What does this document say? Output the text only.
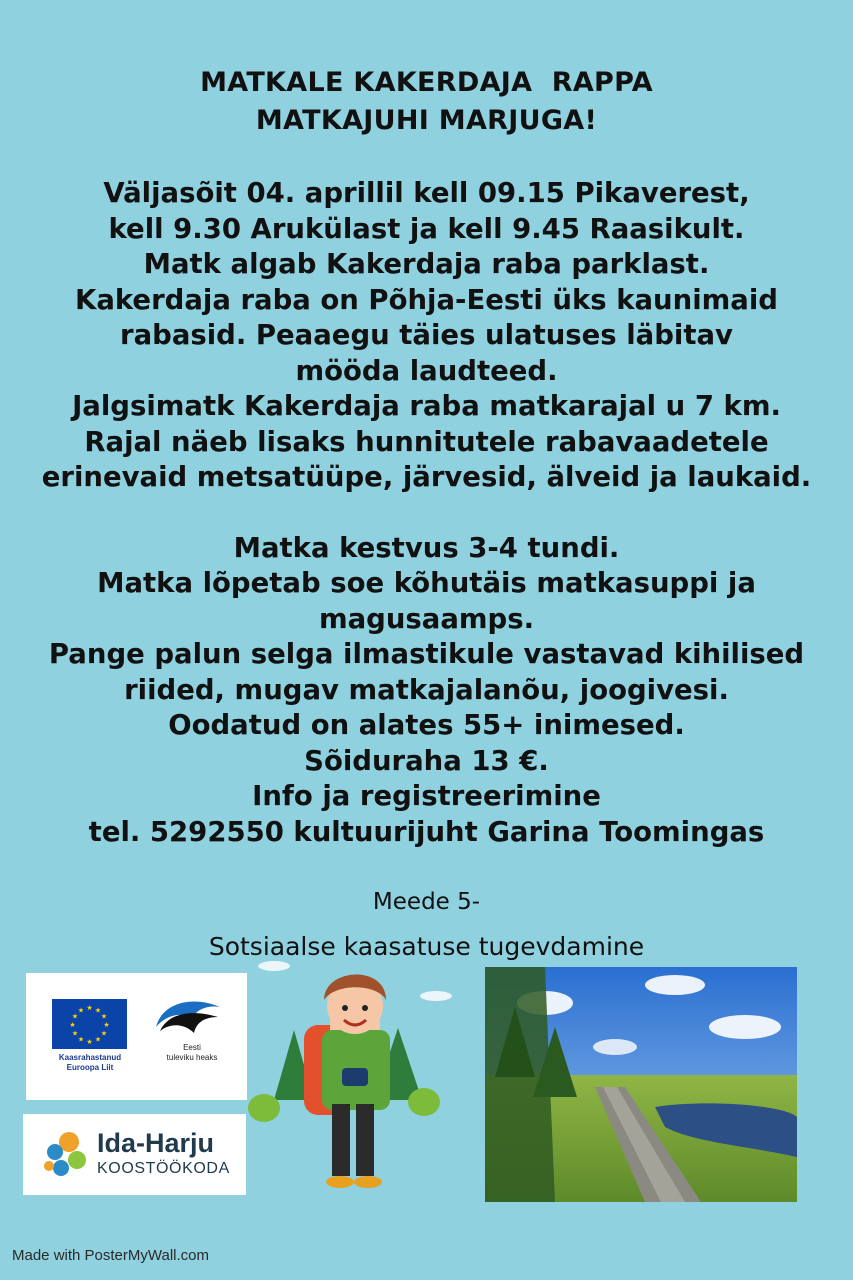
MATKALE KAKERDAJA  RAPPA
MATKAJUHI MARJUGA!
Väljasõit 04. aprillil kell 09.15 Pikaverest,
kell 9.30 Arukülast ja kell 9.45 Raasikult.
Matk algab Kakerdaja raba parklast.
Kakerdaja raba on Põhja-Eesti üks kaunimaid
rabasid. Peaaegu täies ulatuses läbitav
mööda laudteed.
Jalgsimatk Kakerdaja raba matkarajal u 7 km.
Rajal näeb lisaks hunnitutele rabavaadetele
erinevaid metsatüüpe, järvesid, älveid ja laukaid.
Matka kestvus 3-4 tundi.
Matka lõpetab soe kõhutäis matkasuppi ja
magusaamps.
Pange palun selga ilmastikule vastavad kihilised
riided, mugav matkajalanõu, joogivesi.
Oodatud on alates 55+ inimesed.
Sõiduraha 13 €.
Info ja registreerimine
tel. 5292550 kultuurijuht Garina Toomingas
Meede 5-
Sotsiaalse kaasatuse tugevdamine
★ ★
★
★
★
★
★
★
★
★
★
★
Kaasrahastanud
Euroopa Liit
Eesti
tuleviku heaks
Ida-Harju
KOOSTÖÖKODA
Made with PosterMyWall.com
